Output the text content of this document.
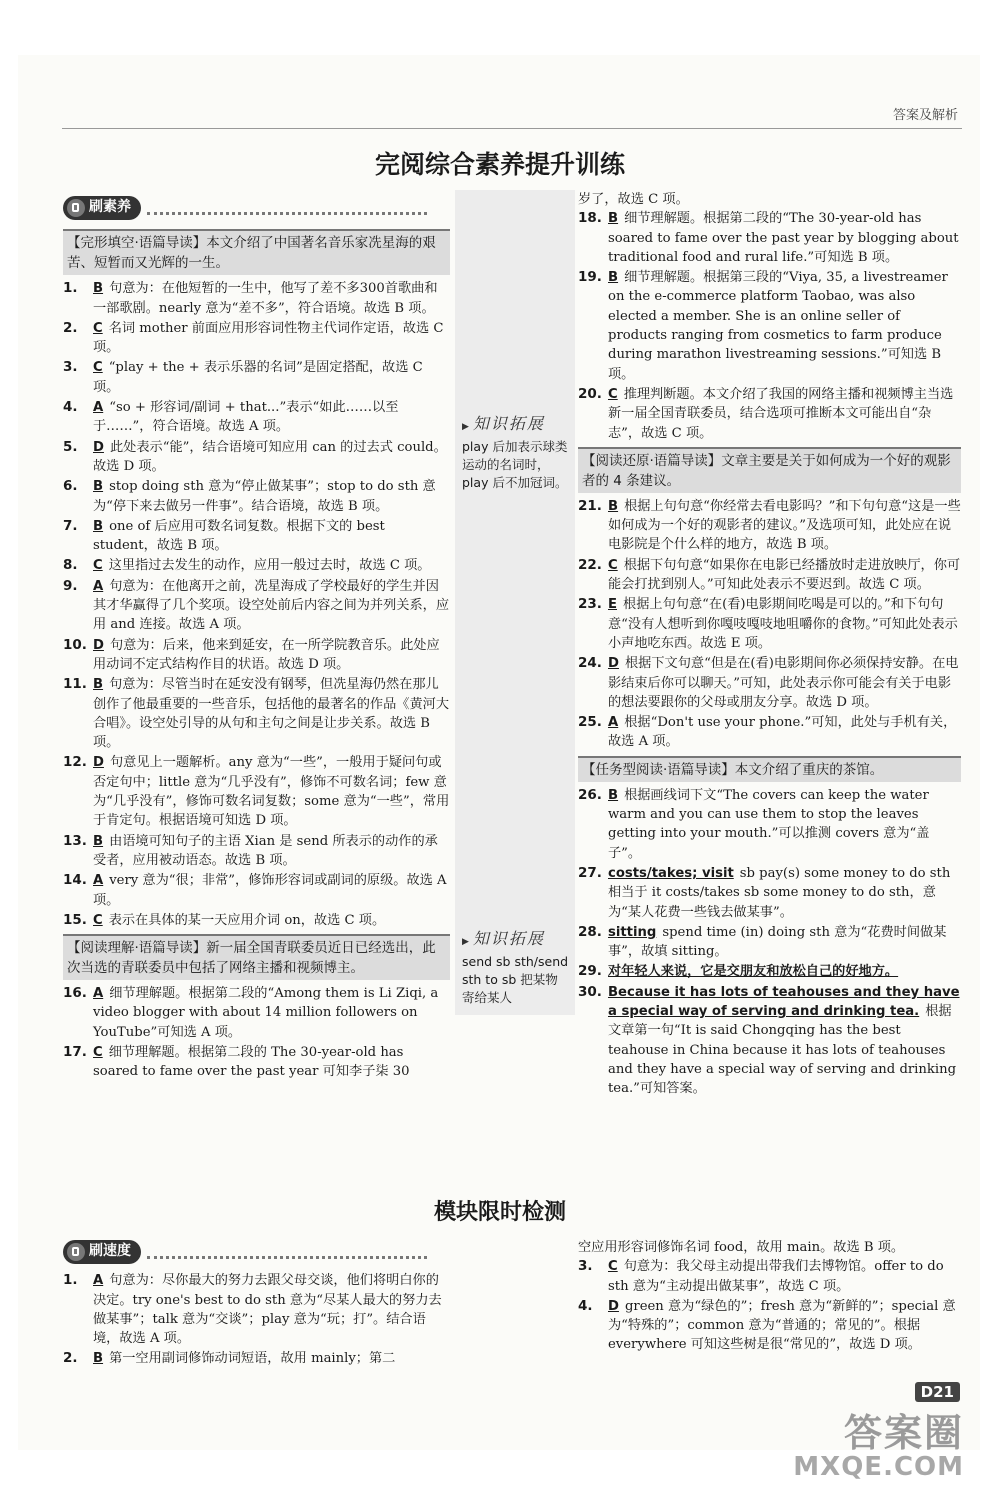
答案及解析
完阅综合素养提升训练
刷素养
【完形填空·语篇导读】本文介绍了中国著名音乐家冼星海的艰苦、短暂而又光辉的一生。
1. B 句意为：在他短暂的一生中，他写了差不多300首歌曲和一部歌剧。nearly 意为“差不多”，符合语境。故选 B 项。
2. C 名词 mother 前面应用形容词性物主代词作定语，故选 C 项。
3. C “play + the + 表示乐器的名词”是固定搭配，故选 C 项。
4. A “so + 形容词/副词 + that...”表示“如此……以至于……”，符合语境。故选 A 项。
5. D 此处表示“能”，结合语境可知应用 can 的过去式 could。故选 D 项。
6. B stop doing sth 意为“停止做某事”；stop to do sth 意为“停下来去做另一件事”。结合语境，故选 B 项。
7. B one of 后应用可数名词复数。根据下文的 best student，故选 B 项。
8. C 这里指过去发生的动作，应用一般过去时，故选 C 项。
9. A 句意为：在他离开之前，冼星海成了学校最好的学生并因其才华赢得了几个奖项。设空处前后内容之间为并列关系，应用 and 连接。故选 A 项。
10. D 句意为：后来，他来到延安，在一所学院教音乐。此处应用动词不定式结构作目的状语。故选 D 项。
11. B 句意为：尽管当时在延安没有钢琴，但冼星海仍然在那儿创作了他最重要的一些音乐，包括他的最著名的作品《黄河大合唱》。设空处引导的从句和主句之间是让步关系。故选 B 项。
12. D 句意见上一题解析。any 意为“一些”，一般用于疑问句或否定句中；little 意为“几乎没有”，修饰不可数名词；few 意为“几乎没有”，修饰可数名词复数；some 意为“一些”，常用于肯定句。根据语境可知选 D 项。
13. B 由语境可知句子的主语 Xian 是 send 所表示的动作的承受者，应用被动语态。故选 B 项。
14. A very 意为“很；非常”，修饰形容词或副词的原级。故选 A 项。
15. C 表示在具体的某一天应用介词 on，故选 C 项。
【阅读理解·语篇导读】新一届全国青联委员近日已经选出，此次当选的青联委员中包括了网络主播和视频博主。
16. A 细节理解题。根据第二段的“Among them is Li Ziqi, a video blogger with about 14 million followers on YouTube”可知选 A 项。
17. C 细节理解题。根据第二段的 The 30-year-old has soared to fame over the past year 可知李子柒 30
岁了，故选 C 项。
18. B 细节理解题。根据第二段的“The 30-year-old has soared to fame over the past year by blogging about traditional food and rural life.”可知选 B 项。
19. B 细节理解题。根据第三段的“Viya, 35, a livestreamer on the e-commerce platform Taobao, was also elected a member. She is an online seller of products ranging from cosmetics to farm produce during marathon livestreaming sessions.”可知选 B 项。
20. C 推理判断题。本文介绍了我国的网络主播和视频博主当选新一届全国青联委员，结合选项可推断本文可能出自“杂志”，故选 C 项。
【阅读还原·语篇导读】文章主要是关于如何成为一个好的观影者的 4 条建议。
21. B 根据上句句意“你经常去看电影吗？”和下句句意“这是一些如何成为一个好的观影者的建议。”及选项可知，此处应在说电影院是个什么样的地方，故选 B 项。
22. C 根据下句句意“如果你在电影已经播放时走进放映厅，你可能会打扰到别人。”可知此处表示不要迟到。故选 C 项。
23. E 根据上句句意“在(看)电影期间吃喝是可以的。”和下句句意“没有人想听到你嘎吱嘎吱地咀嚼你的食物。”可知此处表示小声地吃东西。故选 E 项。
24. D 根据下文句意“但是在(看)电影期间你必须保持安静。在电影结束后你可以聊天。”可知，此处表示你可能会有关于电影的想法要跟你的父母或朋友分享。故选 D 项。
25. A 根据“Don't use your phone.”可知，此处与手机有关，故选 A 项。
【任务型阅读·语篇导读】本文介绍了重庆的茶馆。
26. B 根据画线词下文“The covers can keep the water warm and you can use them to stop the leaves getting into your mouth.”可以推测 covers 意为“盖子”。
27. costs/takes; visit sb pay(s) some money to do sth 相当于 it costs/takes sb some money to do sth，意为“某人花费一些钱去做某事”。
28. sitting spend time (in) doing sth 意为“花费时间做某事”，故填 sitting。
29. 对年轻人来说，它是交朋友和放松自己的好地方。
30. Because it has lots of teahouses and they have a special way of serving and drinking tea. 根据文章第一句“It is said Chongqing has the best teahouse in China because it has lots of teahouses and they have a special way of serving and drinking tea.”可知答案。
▶ 知识拓展
play 后加表示球类运动的名词时，play 后不加冠词。
▶ 知识拓展
send sb sth/send sth to sb 把某物寄给某人
模块限时检测
刷速度
1. A 句意为：尽你最大的努力去跟父母交谈，他们将明白你的决定。try one's best to do sth 意为“尽某人最大的努力去做某事”；talk 意为“交谈”；play 意为“玩；打”。结合语境，故选 A 项。
2. B 第一空用副词修饰动词短语，故用 mainly；第二
空应用形容词修饰名词 food，故用 main。故选 B 项。
3. C 句意为：我父母主动提出带我们去博物馆。offer to do sth 意为“主动提出做某事”，故选 C 项。
4. D green 意为“绿色的”；fresh 意为“新鲜的”；special 意为“特殊的”；common 意为“普通的；常见的”。根据 everywhere 可知这些树是很“常见的”，故选 D 项。
D21
答案圈
MXQE.COM
